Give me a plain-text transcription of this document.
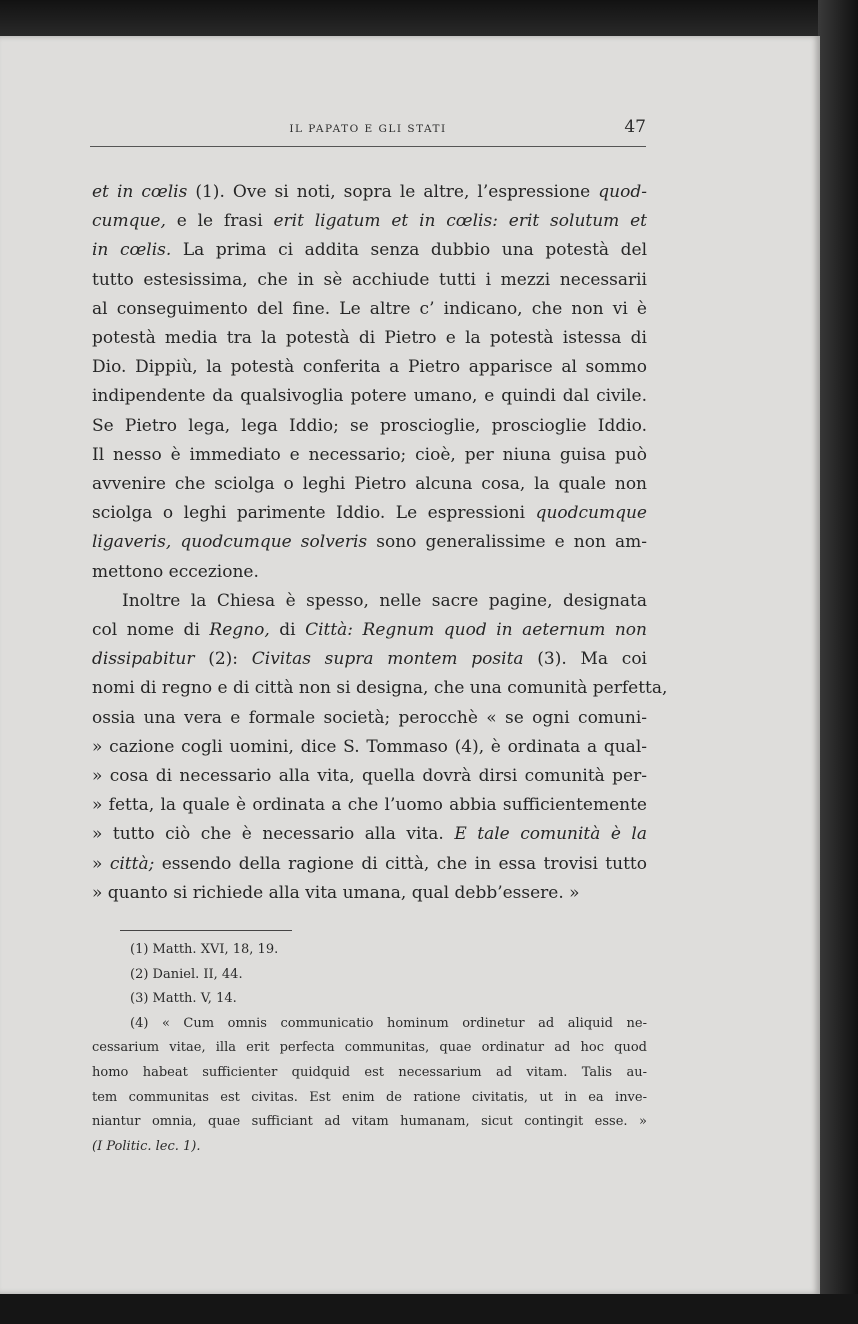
IL PAPATO E GLI STATI	47

et in cœlis (1). Ove si noti, sopra le altre, l’espressione quod-
cumque, e le frasi erit ligatum et in cœlis: erit solutum et
in cœlis. La prima ci addita senza dubbio una potestà del
tutto estesissima, che in sè acchiude tutti i mezzi necessarii
al conseguimento del fine. Le altre c’ indicano, che non vi è
potestà media tra la potestà di Pietro e la potestà istessa di
Dio. Dippiù, la potestà conferita a Pietro apparisce al sommo
indipendente da qualsivoglia potere umano, e quindi dal civile.
Se Pietro lega, lega Iddio; se proscioglie, proscioglie Iddio.
Il nesso è immediato e necessario; cioè, per niuna guisa può
avvenire che sciolga o leghi Pietro alcuna cosa, la quale non
sciolga o leghi parimente Iddio. Le espressioni quodcumque
ligaveris, quodcumque solveris sono generalissime e non am-
mettono eccezione.

Inoltre la Chiesa è spesso, nelle sacre pagine, designata
col nome di Regno, di Città: Regnum quod in aeternum non
dissipabitur (2): Civitas supra montem posita (3). Ma coi
nomi di regno e di città non si designa, che una comunità perfetta,
ossia una vera e formale società; perocchè « se ogni comuni-
» cazione cogli uomini, dice S. Tommaso (4), è ordinata a qual-
» cosa di necessario alla vita, quella dovrà dirsi comunità per-
» fetta, la quale è ordinata a che l’uomo abbia sufficientemente
» tutto ciò che è necessario alla vita. E tale comunità è la
» città; essendo della ragione di città, che in essa trovisi tutto
» quanto si richiede alla vita umana, qual debb’essere. »

(1) Matth. XVI, 18, 19.
(2) Daniel. II, 44.
(3) Matth. V, 14.
(4) « Cum omnis communicatio hominum ordinetur ad aliquid ne-
cessarium vitae, illa erit perfecta communitas, quae ordinatur ad hoc quod
homo habeat sufficienter quidquid est necessarium ad vitam. Talis au-
tem communitas est civitas. Est enim de ratione civitatis, ut in ea inve-
niantur omnia, quae sufficiant ad vitam humanam, sicut contingit esse. »
(I Politic. lec. 1).
